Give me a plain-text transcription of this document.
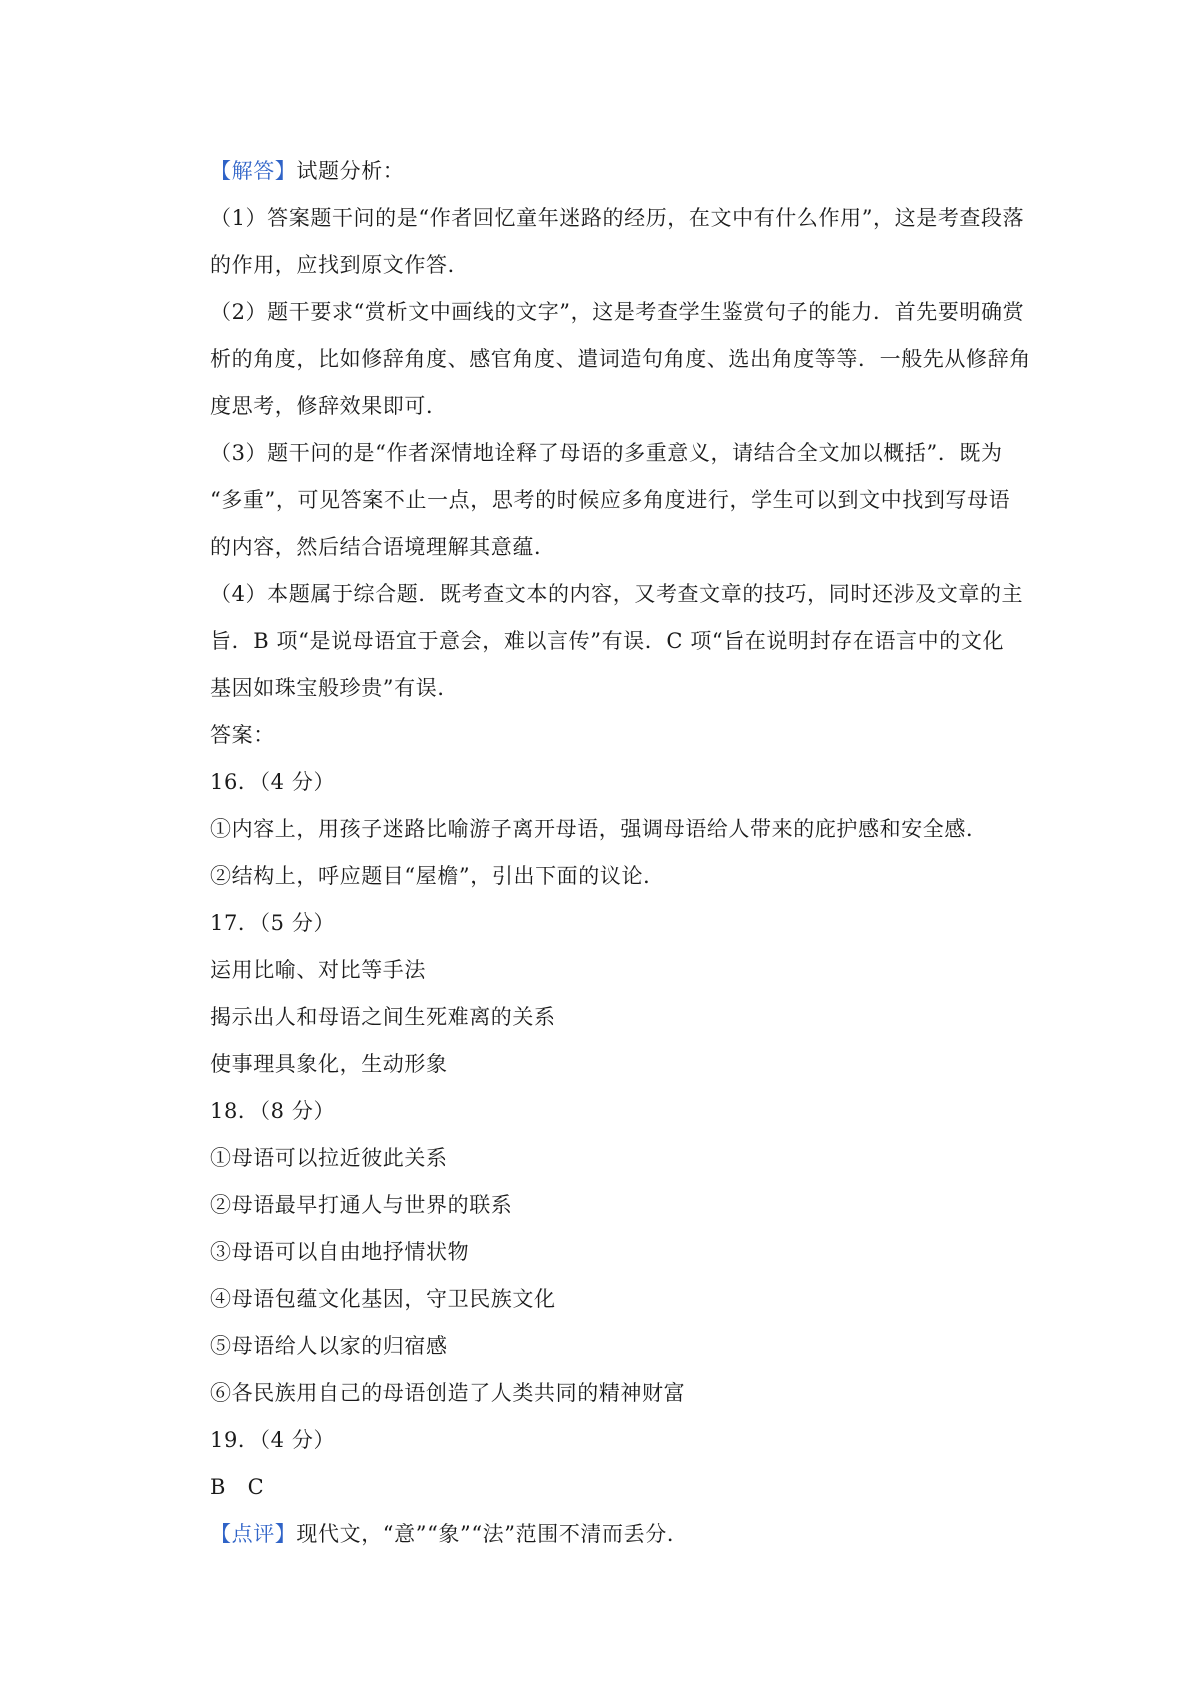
【解答】试题分析：
（1）答案题干问的是“作者回忆童年迷路的经历，在文中有什么作用”，这是考查段落
的作用，应找到原文作答．
（2）题干要求“赏析文中画线的文字”，这是考查学生鉴赏句子的能力．首先要明确赏
析的角度，比如修辞角度、感官角度、遣词造句角度、选出角度等等．一般先从修辞角
度思考，修辞效果即可．
（3）题干问的是“作者深情地诠释了母语的多重意义，请结合全文加以概括”．既为
“多重”，可见答案不止一点，思考的时候应多角度进行，学生可以到文中找到写母语
的内容，然后结合语境理解其意蕴．
（4）本题属于综合题．既考查文本的内容，又考查文章的技巧，同时还涉及文章的主
旨．B 项“是说母语宜于意会，难以言传”有误．C 项“旨在说明封存在语言中的文化
基因如珠宝般珍贵”有误．
答案：
16．（4 分）
①内容上，用孩子迷路比喻游子离开母语，强调母语给人带来的庇护感和安全感．
②结构上，呼应题目“屋檐”，引出下面的议论．
17．（5 分）
运用比喻、对比等手法
揭示出人和母语之间生死难离的关系
使事理具象化，生动形象
18．（8 分）
①母语可以拉近彼此关系
②母语最早打通人与世界的联系
③母语可以自由地抒情状物
④母语包蕴文化基因，守卫民族文化
⑤母语给人以家的归宿感
⑥各民族用自己的母语创造了人类共同的精神财富
19．（4 分）
B　C
【点评】现代文，“意”“象”“法”范围不清而丢分．
